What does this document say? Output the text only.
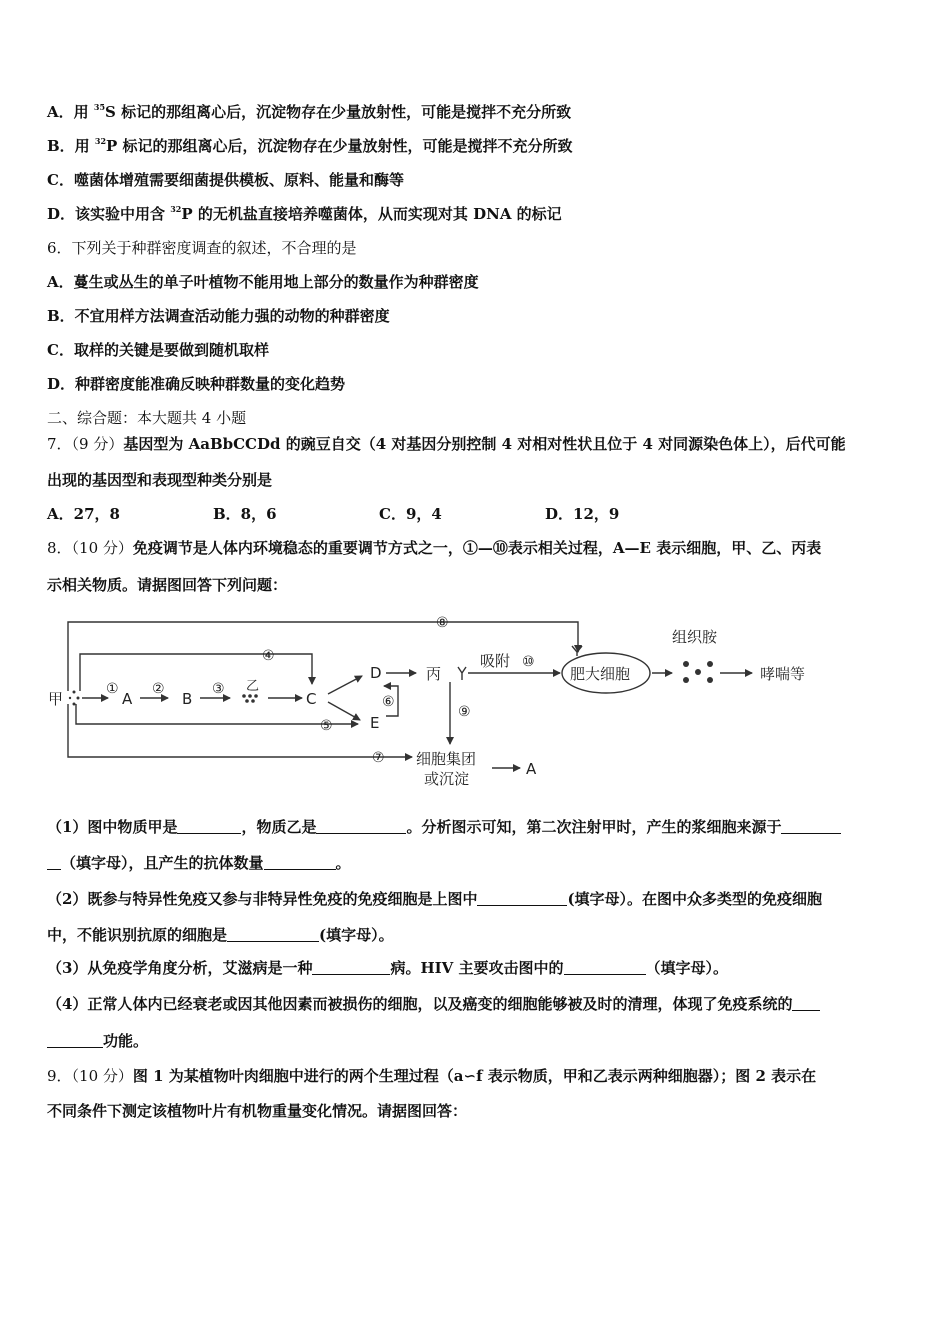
A．用 $^{35}$S 标记的那组离心后，沉淀物存在少量放射性，可能是搅拌不充分所致
B．用 $^{32}$P 标记的那组离心后，沉淀物存在少量放射性，可能是搅拌不充分所致
C．噬菌体增殖需要细菌提供模板、原料、能量和酶等
D．该实验中用含 $^{32}$P 的无机盐直接培养噬菌体，从而实现对其 DNA 的标记
6．下列关于种群密度调查的叙述，不合理的是
A．蔓生或丛生的单子叶植物不能用地上部分的数量作为种群密度
B．不宜用样方法调查活动能力强的动物的种群密度
C．取样的关键是要做到随机取样
D．种群密度能准确反映种群数量的变化趋势
二、综合题：本大题共 4 小题
7．（9 分）基因型为 AaBbCCDd 的豌豆自交（4 对基因分别控制 4 对相对性状且位于 4 对同源染色体上），后代可能
出现的基因型和表现型种类分别是
A．27，8	B．8，6	C．9，4	D．12，9
8．（10 分）免疫调节是人体内环境稳态的重要调节方式之一，①—⑩表示相关过程，A—E 表示细胞，甲、乙、丙表
示相关物质。请据图回答下列问题：
① ②	③
④
⑤
⑥
⑦
⑧
⑨
⑩
甲	A	B
乙
C
D
E
丙
吸附
肥大细胞
组织胺
哮喘等
细胞集团
或沉淀
A
（1）图中物质甲是	，物质乙是	。分析图示可知，第二次注射甲时，产生的浆细胞来源于
（填字母），且产生的抗体数量	。
（2）既参与特异性免疫又参与非特异性免疫的免疫细胞是上图中	(填字母）。在图中众多类型的免疫细胞
中，不能识别抗原的细胞是	(填字母）。
（3）从免疫学角度分析，艾滋病是一种	病。HIV 主要攻击图中的	（填字母）。
（4）正常人体内已经衰老或因其他因素而被损伤的细胞，以及癌变的细胞能够被及时的清理，体现了免疫系统的
功能。
9．（10 分）图 1 为某植物叶肉细胞中进行的两个生理过程（a∽f 表示物质，甲和乙表示两种细胞器）；图 2 表示在
不同条件下测定该植物叶片有机物重量变化情况。请据图回答：
